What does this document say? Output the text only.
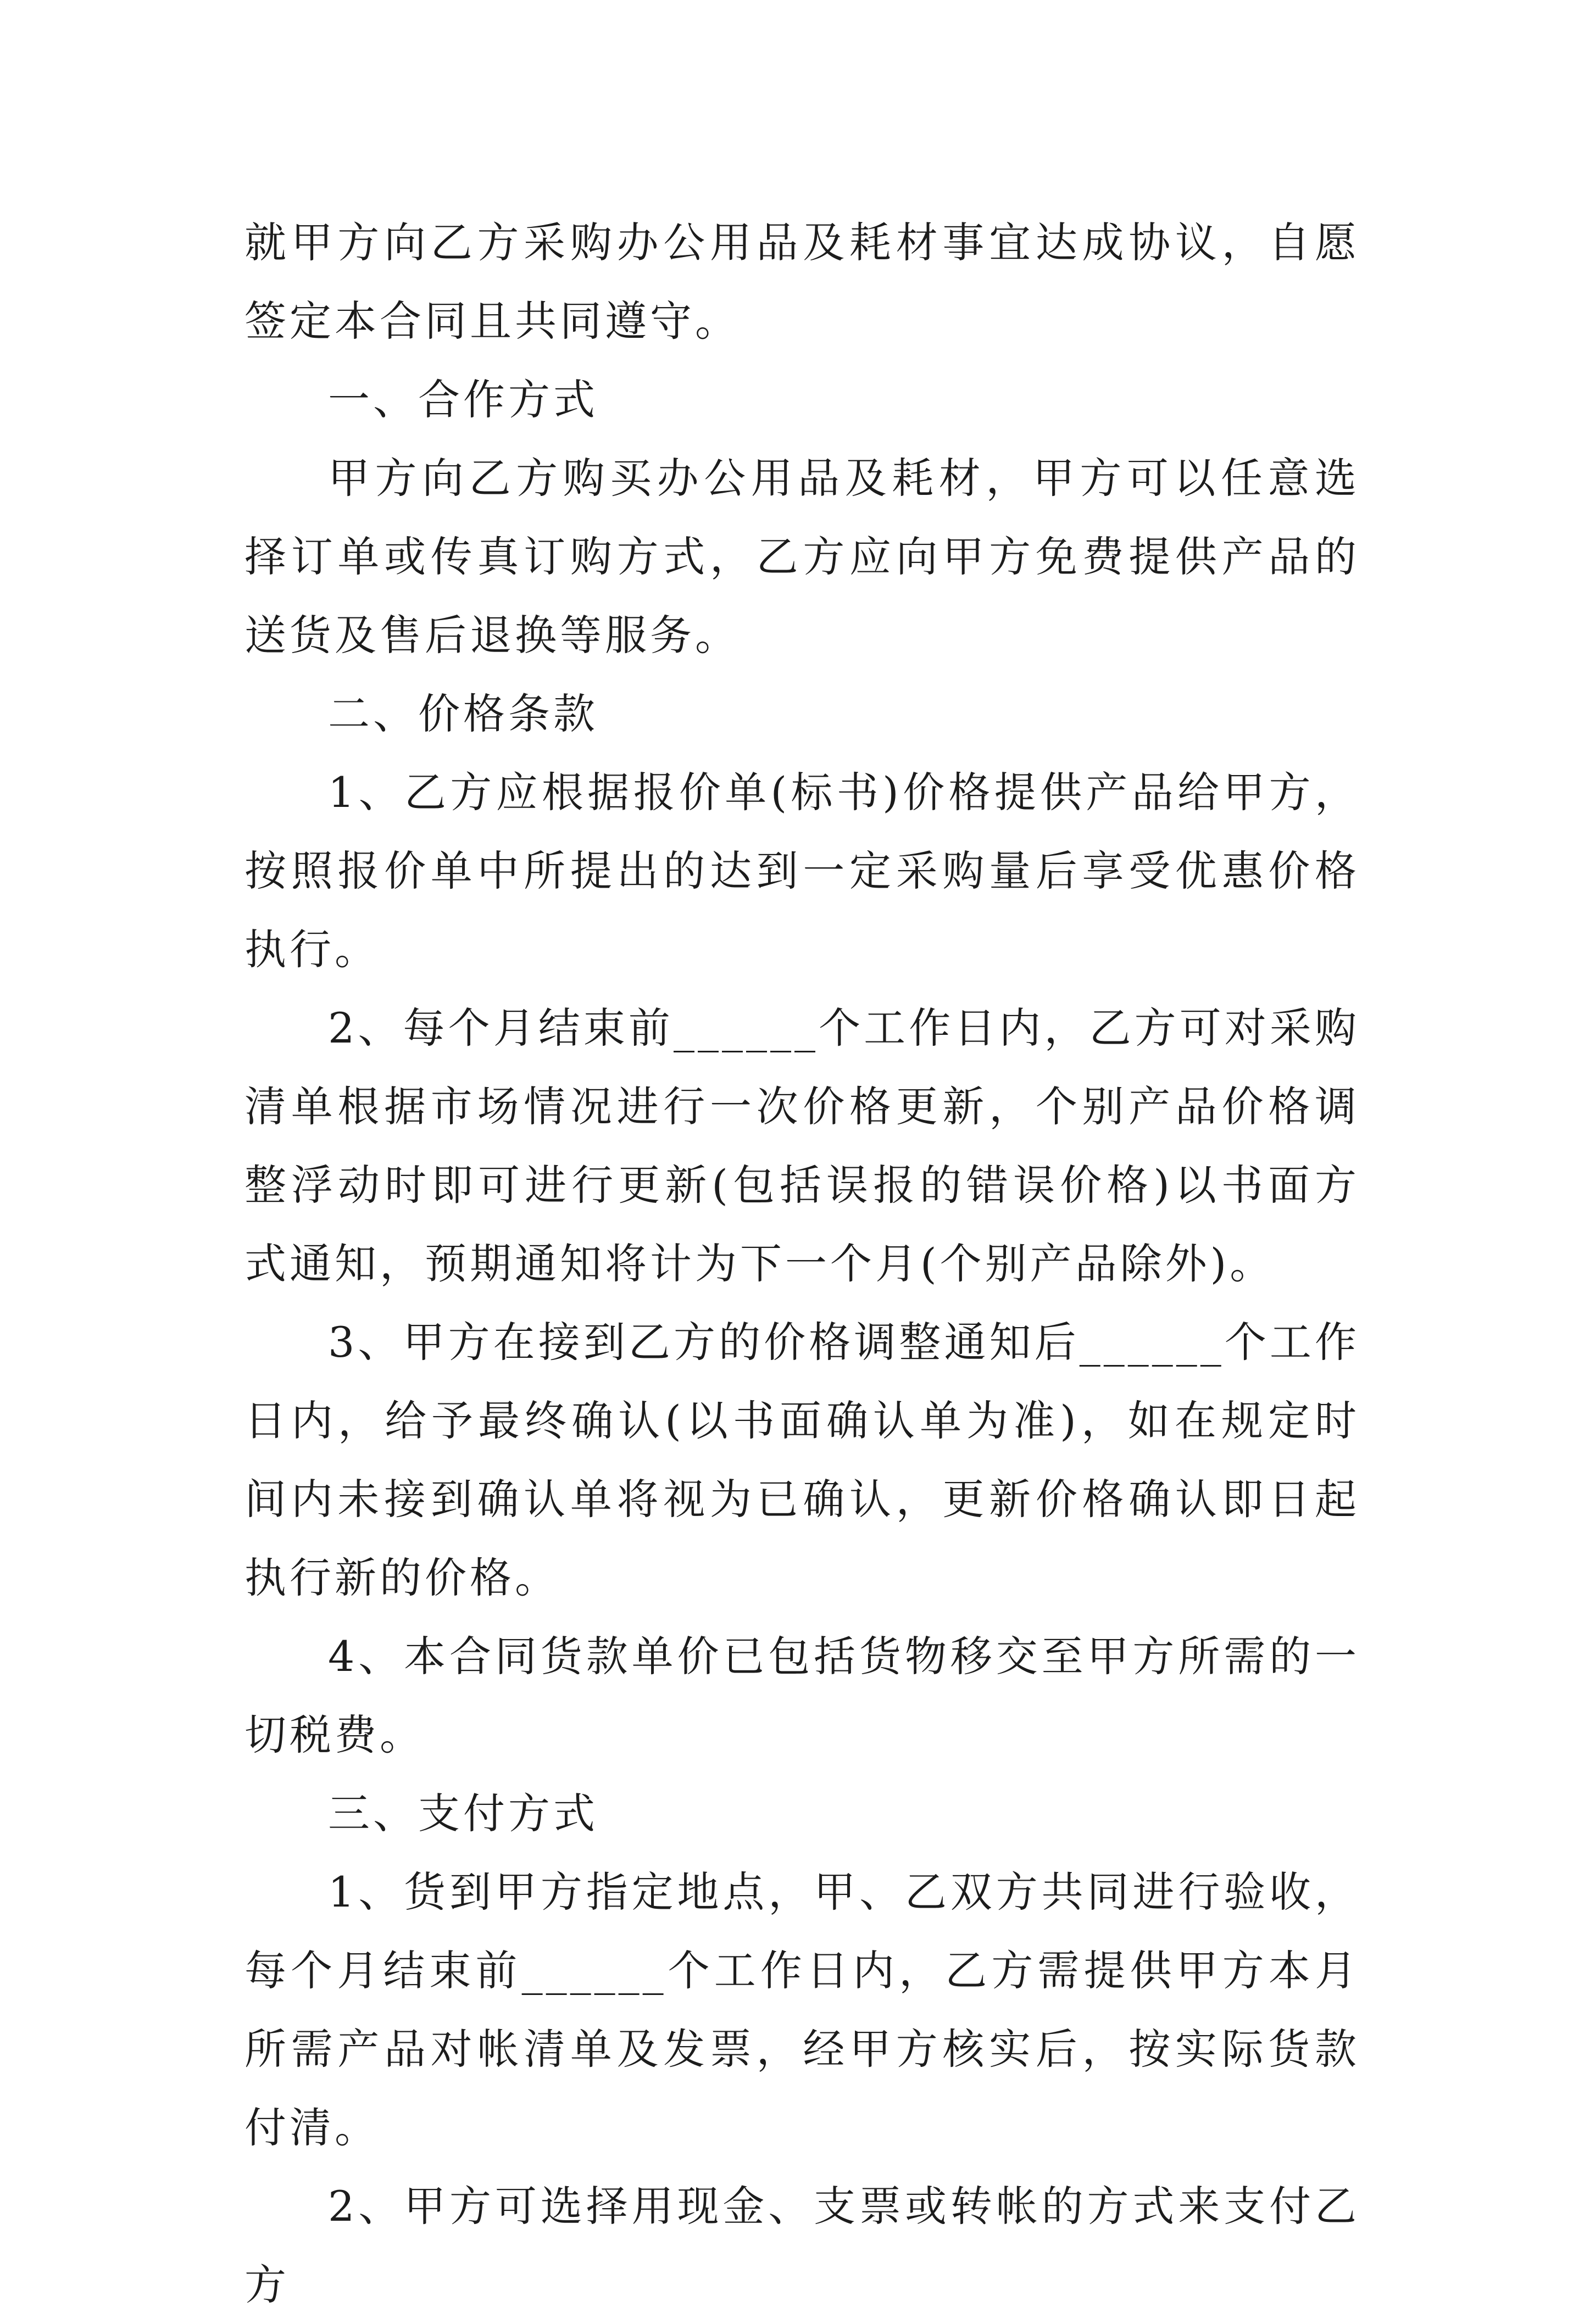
就甲方向乙方采购办公用品及耗材事宜达成协议，自愿签定本合同且共同遵守。

一、合作方式

甲方向乙方购买办公用品及耗材，甲方可以任意选择订单或传真订购方式，乙方应向甲方免费提供产品的送货及售后退换等服务。

二、价格条款

1、乙方应根据报价单(标书)价格提供产品给甲方，按照报价单中所提出的达到一定采购量后享受优惠价格执行。

2、每个月结束前______个工作日内，乙方可对采购清单根据市场情况进行一次价格更新，个别产品价格调整浮动时即可进行更新(包括误报的错误价格)以书面方式通知，预期通知将计为下一个月(个别产品除外)。

3、甲方在接到乙方的价格调整通知后______个工作日内，给予最终确认(以书面确认单为准)，如在规定时间内未接到确认单将视为已确认，更新价格确认即日起执行新的价格。

4、本合同货款单价已包括货物移交至甲方所需的一切税费。

三、支付方式

1、货到甲方指定地点，甲、乙双方共同进行验收，每个月结束前______个工作日内，乙方需提供甲方本月所需产品对帐清单及发票，经甲方核实后，按实际货款付清。

2、甲方可选择用现金、支票或转帐的方式来支付乙方
